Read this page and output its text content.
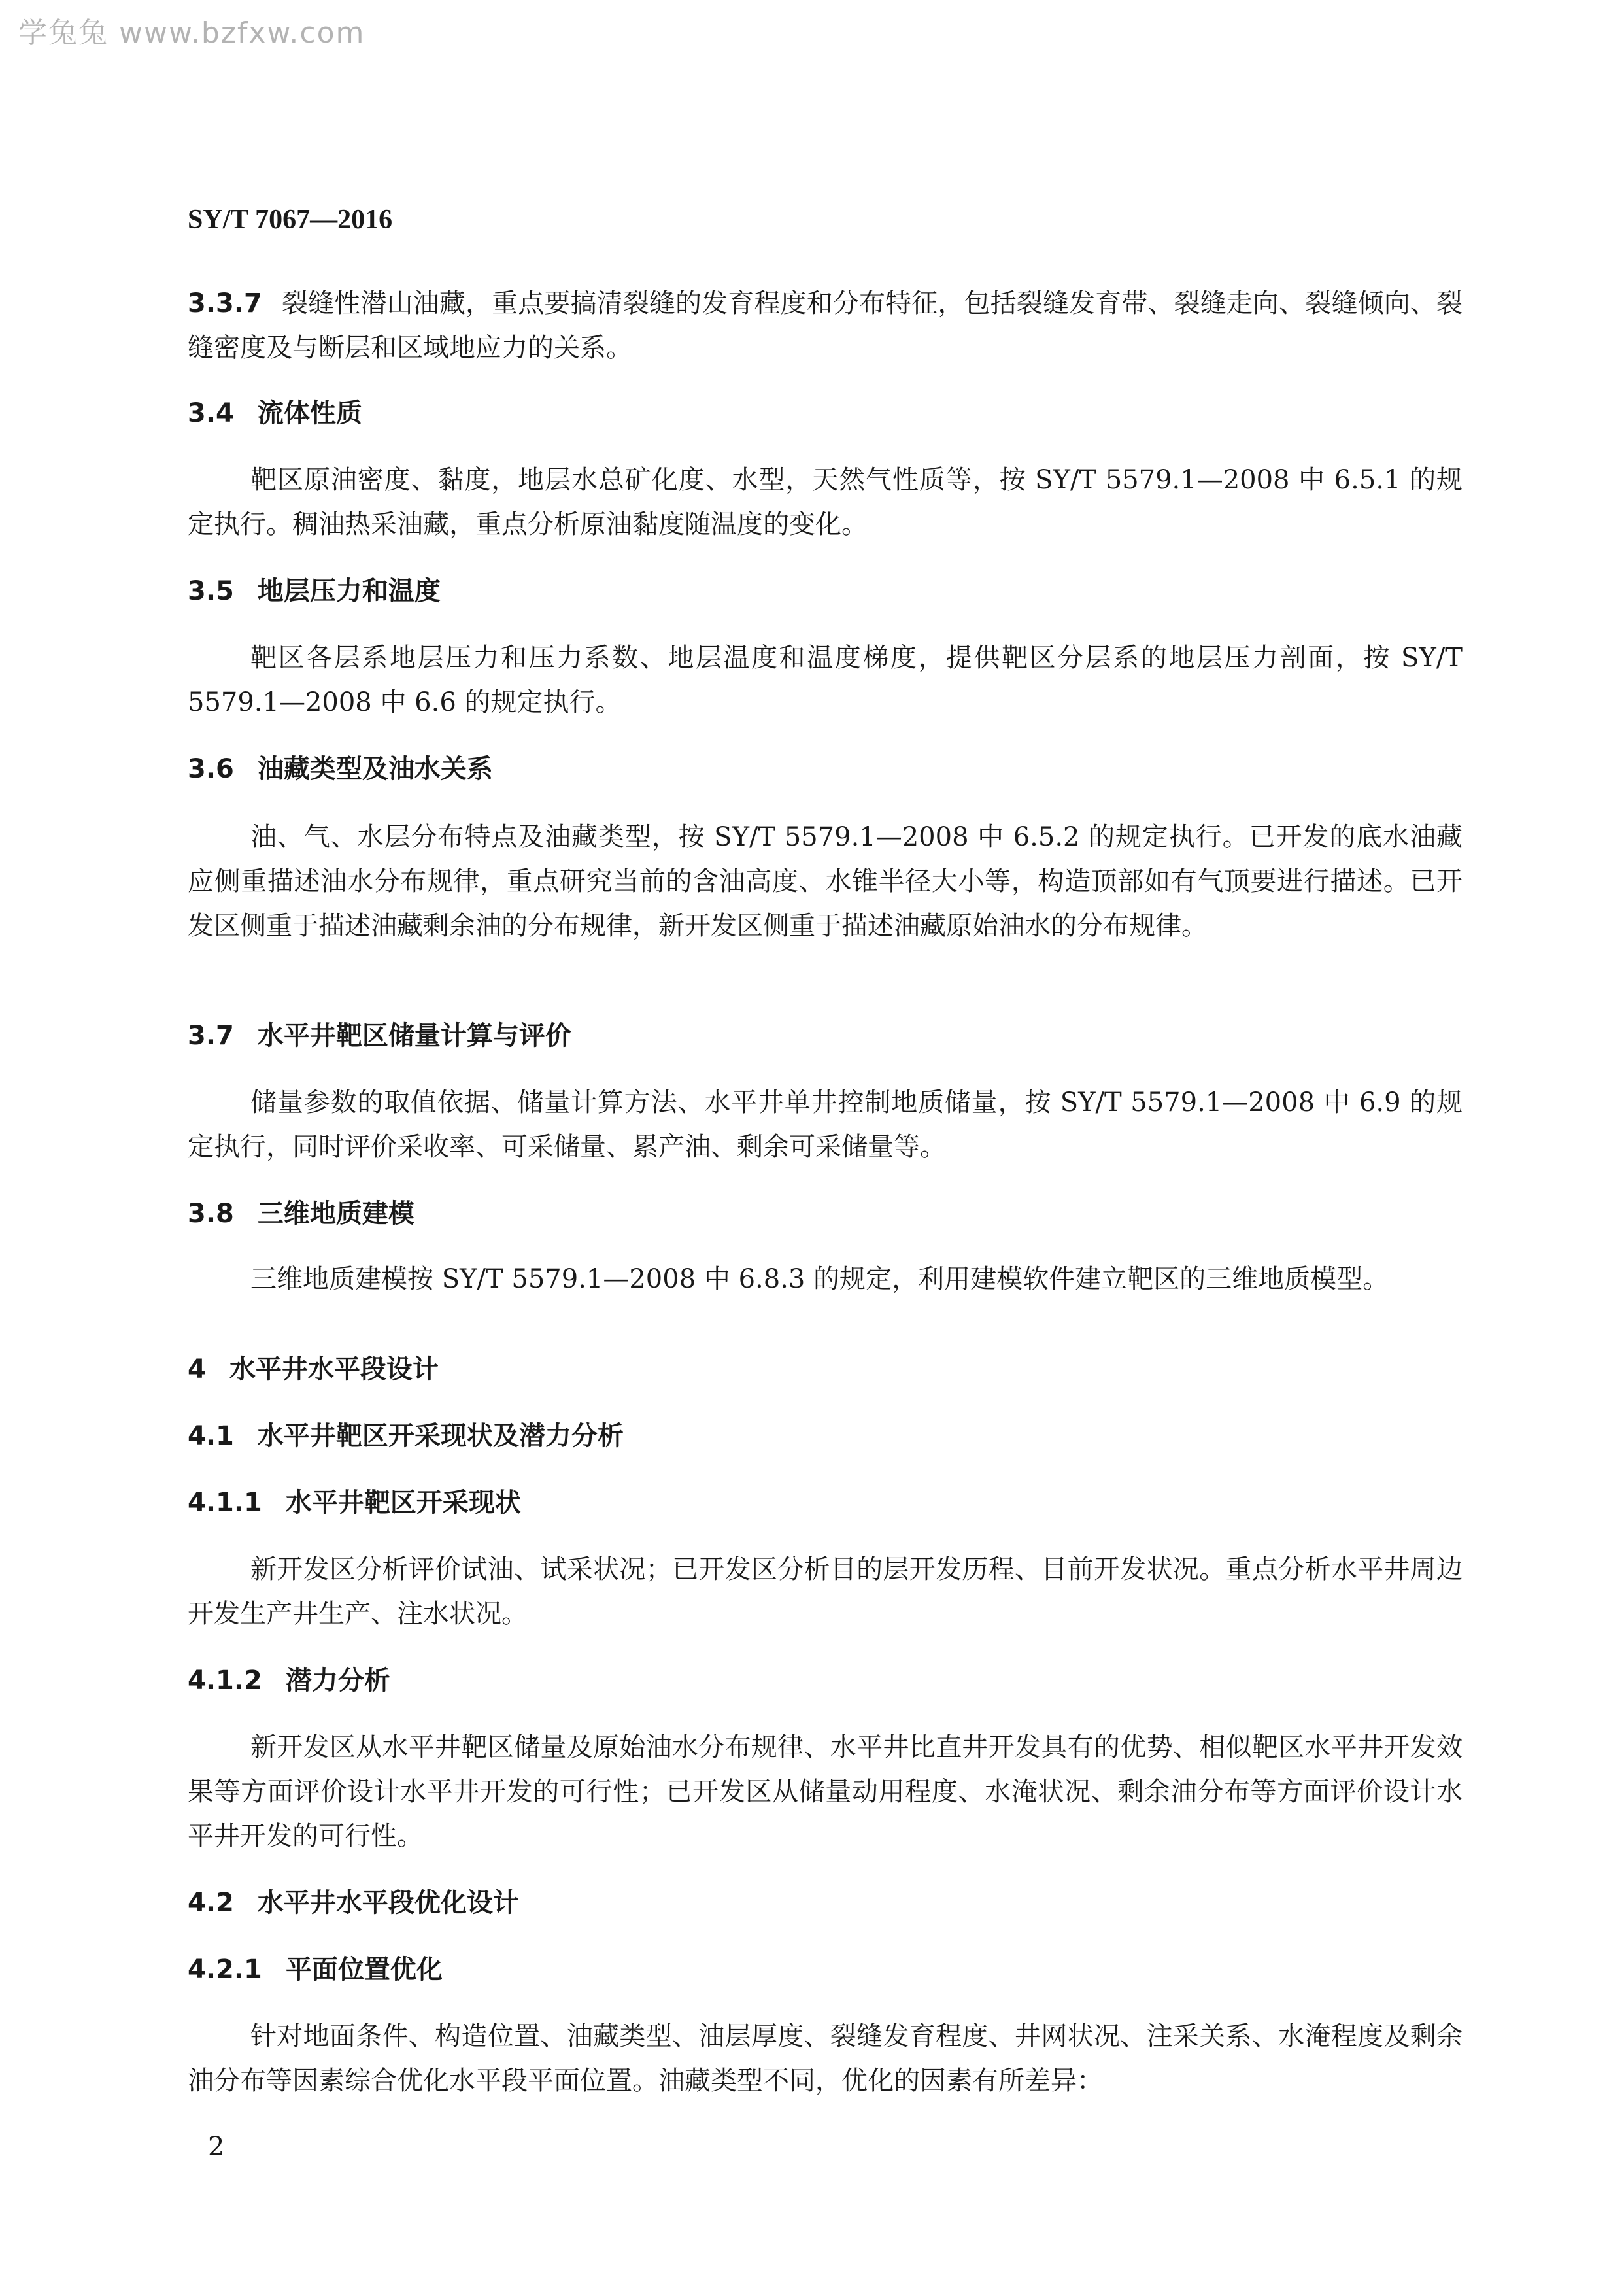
学兔兔 www.bzfxw.com
SY/T 7067—2016
3.3.7 裂缝性潜山油藏，重点要搞清裂缝的发育程度和分布特征，包括裂缝发育带、裂缝走向、裂缝倾向、裂缝密度及与断层和区域地应力的关系。
3.4 流体性质
靶区原油密度、黏度，地层水总矿化度、水型，天然气性质等，按 SY/T 5579.1—2008 中 6.5.1 的规定执行。稠油热采油藏，重点分析原油黏度随温度的变化。
3.5 地层压力和温度
靶区各层系地层压力和压力系数、地层温度和温度梯度，提供靶区分层系的地层压力剖面，按 SY/T 5579.1—2008 中 6.6 的规定执行。
3.6 油藏类型及油水关系
油、气、水层分布特点及油藏类型，按 SY/T 5579.1—2008 中 6.5.2 的规定执行。已开发的底水油藏应侧重描述油水分布规律，重点研究当前的含油高度、水锥半径大小等，构造顶部如有气顶要进行描述。已开发区侧重于描述油藏剩余油的分布规律，新开发区侧重于描述油藏原始油水的分布规律。
3.7 水平井靶区储量计算与评价
储量参数的取值依据、储量计算方法、水平井单井控制地质储量，按 SY/T 5579.1—2008 中 6.9 的规定执行，同时评价采收率、可采储量、累产油、剩余可采储量等。
3.8 三维地质建模
三维地质建模按 SY/T 5579.1—2008 中 6.8.3 的规定，利用建模软件建立靶区的三维地质模型。
4 水平井水平段设计
4.1 水平井靶区开采现状及潜力分析
4.1.1 水平井靶区开采现状
新开发区分析评价试油、试采状况；已开发区分析目的层开发历程、目前开发状况。重点分析水平井周边开发生产井生产、注水状况。
4.1.2 潜力分析
新开发区从水平井靶区储量及原始油水分布规律、水平井比直井开发具有的优势、相似靶区水平井开发效果等方面评价设计水平井开发的可行性；已开发区从储量动用程度、水淹状况、剩余油分布等方面评价设计水平井开发的可行性。
4.2 水平井水平段优化设计
4.2.1 平面位置优化
针对地面条件、构造位置、油藏类型、油层厚度、裂缝发育程度、井网状况、注采关系、水淹程度及剩余油分布等因素综合优化水平段平面位置。油藏类型不同，优化的因素有所差异：
2
